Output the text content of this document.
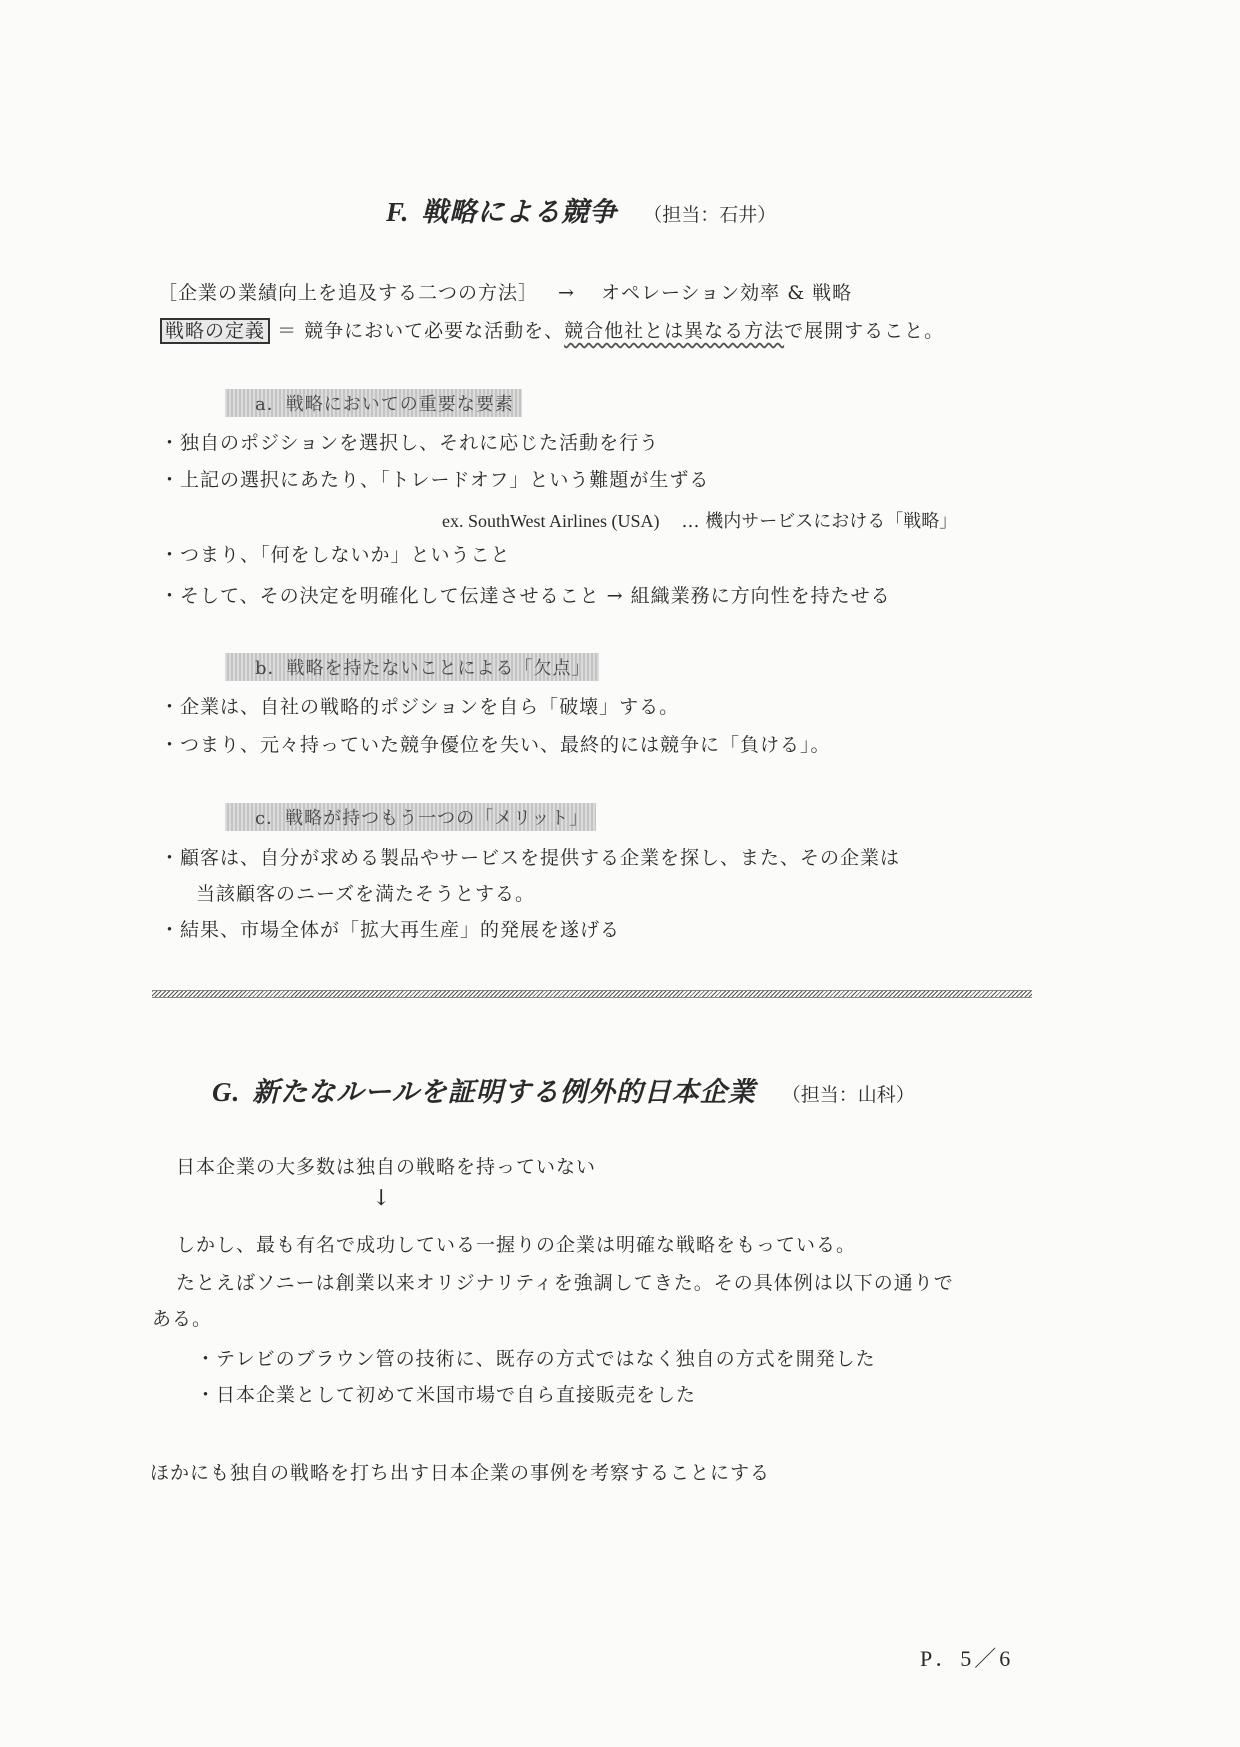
F. 戦略による競争 （担当：石井）
［企業の業績向上を追及する二つの方法］ → オペレーション効率 & 戦略
戦略の定義 ＝ 競争において必要な活動を、競合他社とは異なる方法で展開すること。
a．戦略においての重要な要素
・独自のポジションを選択し、それに応じた活動を行う
・上記の選択にあたり、「トレードオフ」という難題が生ずる
ex. SouthWest Airlines (USA) … 機内サービスにおける「戦略」
・つまり、「何をしないか」ということ
・そして、その決定を明確化して伝達させること → 組織業務に方向性を持たせる
b．戦略を持たないことによる「欠点」
・企業は、自社の戦略的ポジションを自ら「破壊」する。
・つまり、元々持っていた競争優位を失い、最終的には競争に「負ける」。
c．戦略が持つもう一つの「メリット」
・顧客は、自分が求める製品やサービスを提供する企業を探し、また、その企業は
当該顧客のニーズを満たそうとする。
・結果、市場全体が「拡大再生産」的発展を遂げる
G. 新たなルールを証明する例外的日本企業 （担当：山科）
日本企業の大多数は独自の戦略を持っていない
↓
しかし、最も有名で成功している一握りの企業は明確な戦略をもっている。
たとえばソニーは創業以来オリジナリティを強調してきた。その具体例は以下の通りで
ある。
・テレビのブラウン管の技術に、既存の方式ではなく独自の方式を開発した
・日本企業として初めて米国市場で自ら直接販売をした
ほかにも独自の戦略を打ち出す日本企業の事例を考察することにする
P．5／6
